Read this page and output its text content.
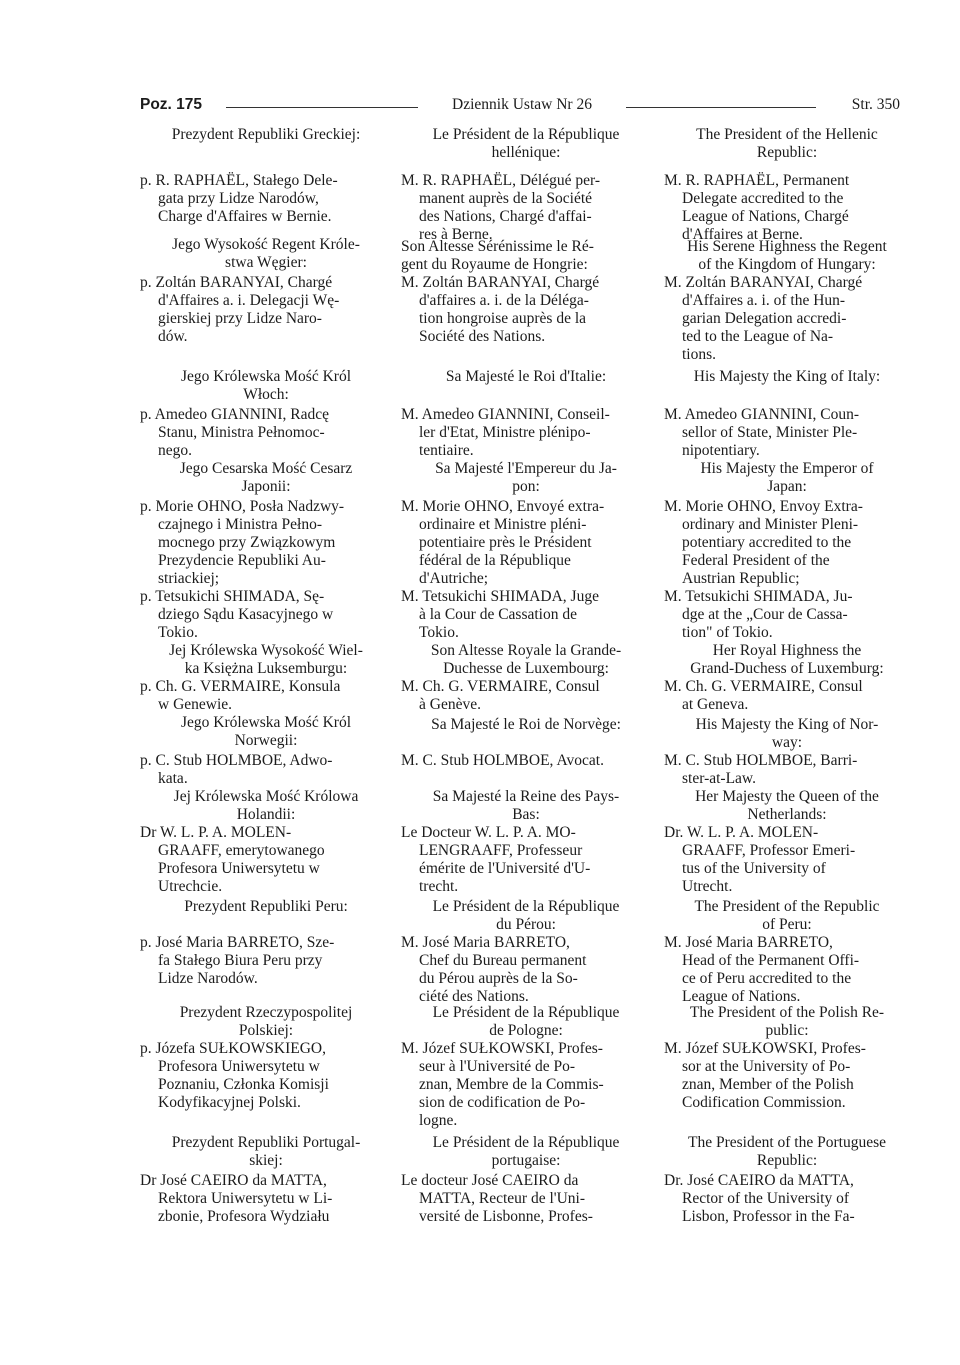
Poz. 175	Dziennik Ustaw Nr 26	Str. 350

Prezydent Republiki Greckiej:

p. R. RAPHAËL, Stałego Dele-
gata przy Lidze Narodów,
Charge d'Affaires w Bernie.

Jego Wysokość Regent Króle-
stwa Węgier:

p. Zoltán BARANYAI, Chargé
d'Affaires a. i. Delegacji Wę-
gierskiej przy Lidze Naro-
dów.

Jego Królewska Mość Król
Włoch:

p. Amedeo GIANNINI, Radcę
Stanu, Ministra Pełnomoc-
nego.

Jego Cesarska Mość Cesarz
Japonii:

p. Morie OHNO, Posła Nadzwy-
czajnego i Ministra Pełno-
mocnego przy Związkowym
Prezydencie Republiki Au-
striackiej;

p. Tetsukichi SHIMADA, Sę-
dziego Sądu Kasacyjnego w
Tokio.

Jej Królewska Wysokość Wiel-
ka Księżna Luksemburgu:

p. Ch. G. VERMAIRE, Konsula
w Genewie.

Jego Królewska Mość Król
Norwegii:

p. C. Stub HOLMBOE, Adwo-
kata.

Jej Królewska Mość Królowa
Holandii:

Dr W. L. P. A. MOLEN-
GRAAFF, emerytowanego
Profesora Uniwersytetu w
Utrechcie.

Prezydent Republiki Peru:

p. José Maria BARRETO, Sze-
fa Stałego Biura Peru przy
Lidze Narodów.

Prezydent Rzeczypospolitej
Polskiej:

p. Józefa SUŁKOWSKIEGO,
Profesora Uniwersytetu w
Poznaniu, Członka Komisji
Kodyfikacyjnej Polski.

Prezydent Republiki Portugal-
skiej:

Dr José CAEIRO da MATTA,
Rektora Uniwersytetu w Li-
zbonie, Profesora Wydziału

Le Président de la République
hellénique:

M. R. RAPHAËL, Délégué per-
manent auprès de la Société
des Nations, Chargé d'affai-
res à Berne.

Son Altesse Sérénissime le Ré-
gent du Royaume de Hongrie:

M. Zoltán BARANYAI, Chargé
d'affaires a. i. de la Déléga-
tion hongroise auprès de la
Société des Nations.

Sa Majesté le Roi d'Italie:

M. Amedeo GIANNINI, Conseil-
ler d'Etat, Ministre plénipo-
tentiaire.

Sa Majesté l'Empereur du Ja-
pon:

M. Morie OHNO, Envoyé extra-
ordinaire et Ministre pléni-
potentiaire près le Président
fédéral de la République
d'Autriche;

M. Tetsukichi SHIMADA, Juge
à la Cour de Cassation de
Tokio.

Son Altesse Royale la Grande-
Duchesse de Luxembourg:

M. Ch. G. VERMAIRE, Consul
à Genève.

Sa Majesté le Roi de Norvège:

M. C. Stub HOLMBOE, Avocat.

Sa Majesté la Reine des Pays-
Bas:

Le Docteur W. L. P. A. MO-
LENGRAAFF, Professeur
émérite de l'Université d'U-
trecht.

Le Président de la République
du Pérou:

M. José Maria BARRETO,
Chef du Bureau permanent
du Pérou auprès de la So-
ciété des Nations.

Le Président de la République
de Pologne:

M. Józef SUŁKOWSKI, Profes-
seur à l'Université de Po-
znan, Membre de la Commis-
sion de codification de Po-
logne.

Le Président de la République
portugaise:

Le docteur José CAEIRO da
MATTA, Recteur de l'Uni-
versité de Lisbonne, Profes-

The President of the Hellenic
Republic:

M. R. RAPHAËL, Permanent
Delegate accredited to the
League of Nations, Chargé
d'Affaires at Berne.

His Serene Highness the Regent
of the Kingdom of Hungary:

M. Zoltán BARANYAI, Chargé
d'Affaires a. i. of the Hun-
garian Delegation accredi-
ted to the League of Na-
tions.

His Majesty the King of Italy:

M. Amedeo GIANNINI, Coun-
sellor of State, Minister Ple-
nipotentiary.

His Majesty the Emperor of
Japan:

M. Morie OHNO, Envoy Extra-
ordinary and Minister Pleni-
potentiary accredited to the
Federal President of the
Austrian Republic;

M. Tetsukichi SHIMADA, Ju-
dge at the „Cour de Cassa-
tion" of Tokio.

Her Royal Highness the
Grand-Duchess of Luxemburg:

M. Ch. G. VERMAIRE, Consul
at Geneva.

His Majesty the King of Nor-
way:

M. C. Stub HOLMBOE, Barri-
ster-at-Law.

Her Majesty the Queen of the
Netherlands:

Dr. W. L. P. A. MOLEN-
GRAAFF, Professor Emeri-
tus of the University of
Utrecht.

The President of the Republic
of Peru:

M. José Maria BARRETO,
Head of the Permanent Offi-
ce of Peru accredited to the
League of Nations.

The President of the Polish Re-
public:

M. Józef SUŁKOWSKI, Profes-
sor at the University of Po-
znan, Member of the Polish
Codification Commission.

The President of the Portuguese
Republic:

Dr. José CAEIRO da MATTA,
Rector of the University of
Lisbon, Professor in the Fa-
